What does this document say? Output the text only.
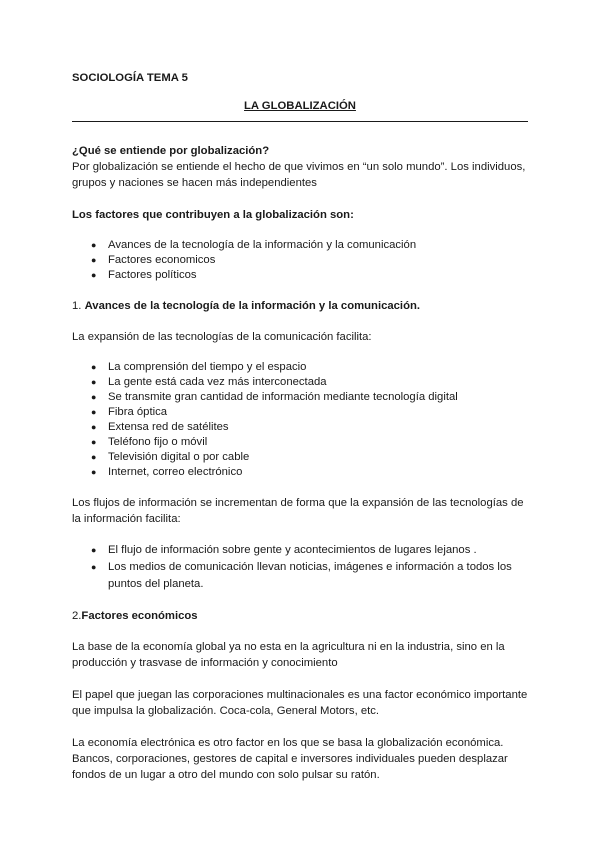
SOCIOLOGÍA TEMA 5
LA GLOBALIZACIÓN

¿Qué se entiende por globalización?

Por globalización se entiende el hecho de que vivimos en “un solo mundo”. Los individuos, grupos y naciones se hacen más independientes

Los factores que contribuyen a la globalización son:

● Avances de la tecnología de la información y la comunicación
● Factores economicos
● Factores políticos

1. Avances de la tecnología de la información y la comunicación.

La expansión de las tecnologías de la comunicación facilita:

● La comprensión del tiempo y el espacio
● La gente está cada vez más interconectada
● Se transmite gran cantidad de información mediante tecnología digital
● Fibra óptica
● Extensa red de satélites
● Teléfono fijo o móvil
● Televisión digital o por cable
● Internet, correo electrónico

Los flujos de información se incrementan de forma que la expansión de las tecnologías de la información facilita:

● El flujo de información sobre gente y acontecimientos de lugares lejanos .
● Los medios de comunicación llevan noticias, imágenes e información a todos los puntos del planeta.

2.Factores económicos

La base de la economía global ya no esta en la agricultura ni en la industria, sino en la producción y trasvase de información y conocimiento

El papel que juegan las corporaciones multinacionales es una factor económico importante que impulsa la globalización. Coca-cola, General Motors, etc.

La economía electrónica es otro factor en los que se basa la globalización económica. Bancos, corporaciones, gestores de capital e inversores individuales pueden desplazar fondos de un lugar a otro del mundo con solo pulsar su ratón.
